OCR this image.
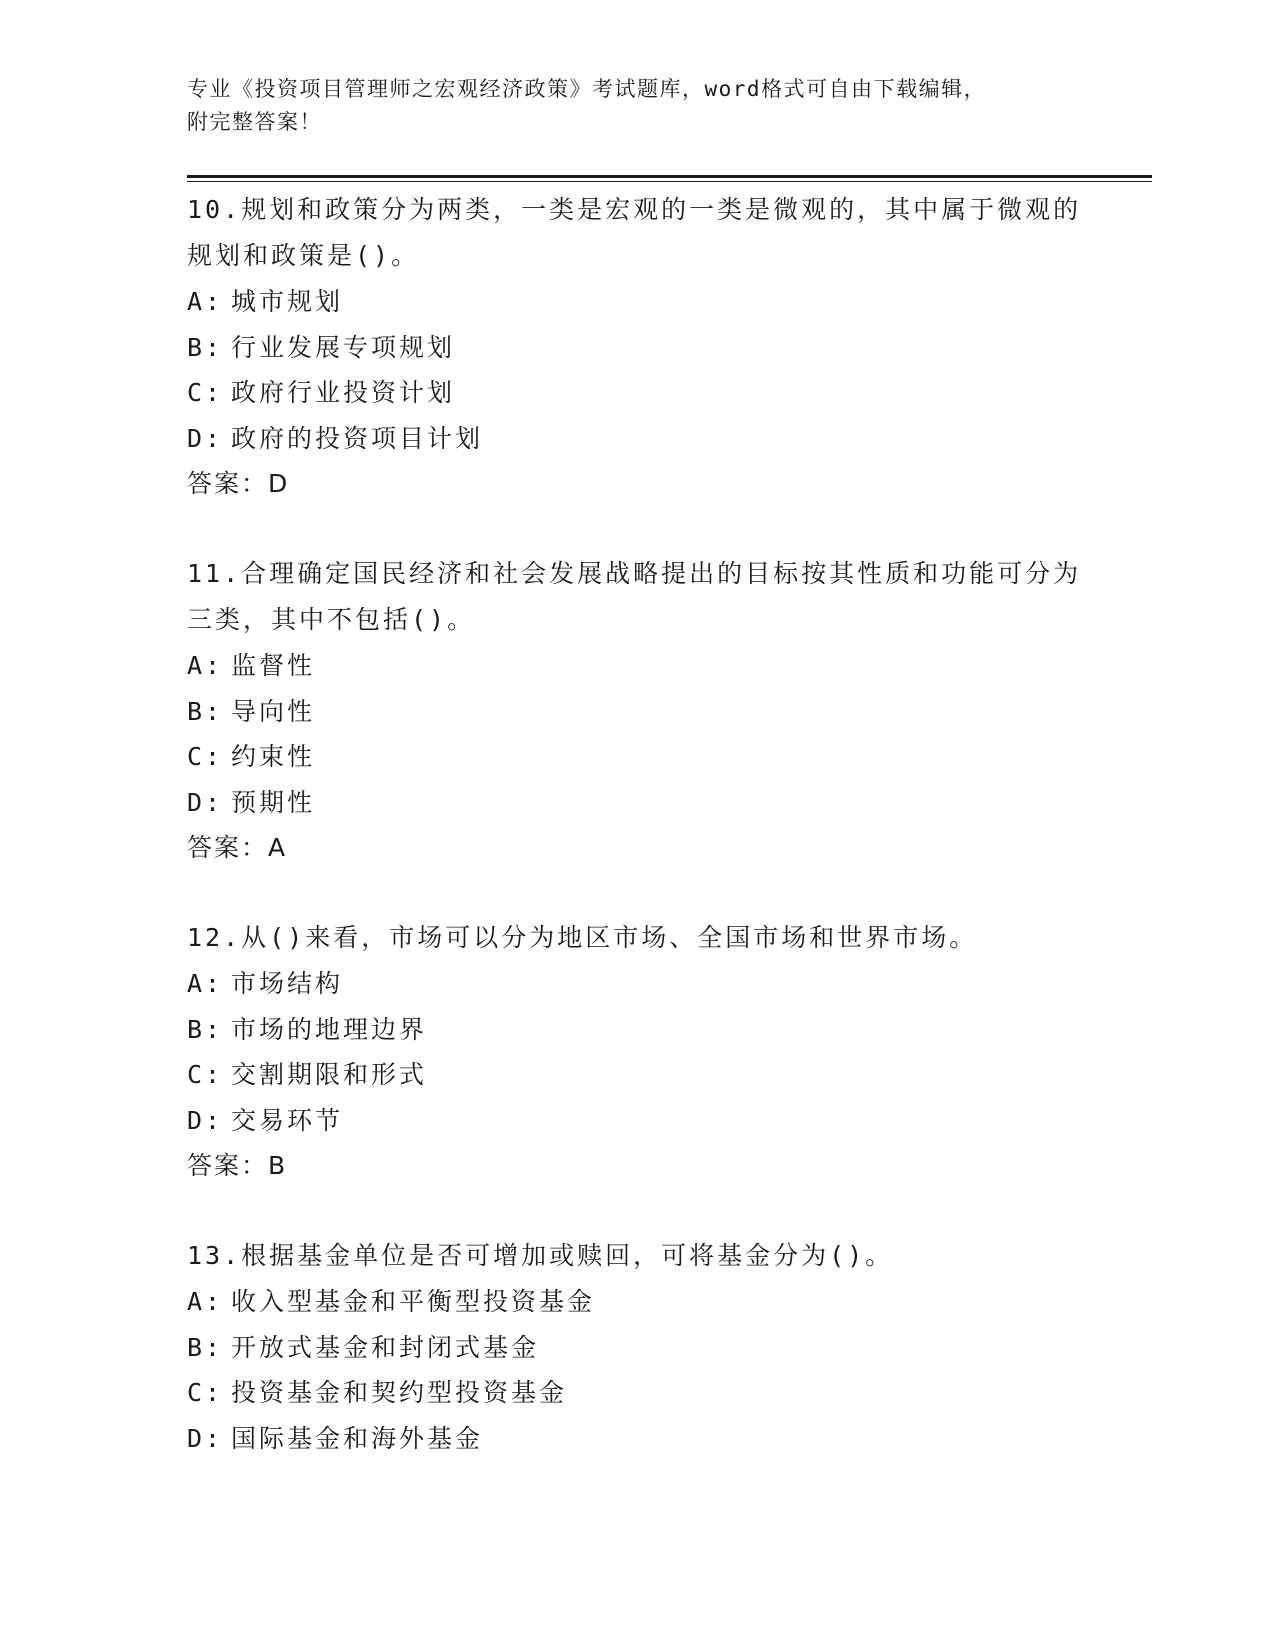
专业《投资项目管理师之宏观经济政策》考试题库，word格式可自由下载编辑，
附完整答案！
10.规划和政策分为两类，一类是宏观的一类是微观的，其中属于微观的规划和政策是()。
A: 城市规划
B: 行业发展专项规划
C: 政府行业投资计划
D: 政府的投资项目计划
答案：D
11.合理确定国民经济和社会发展战略提出的目标按其性质和功能可分为三类，其中不包括()。
A: 监督性
B: 导向性
C: 约束性
D: 预期性
答案：A
12.从()来看，市场可以分为地区市场、全国市场和世界市场。
A: 市场结构
B: 市场的地理边界
C: 交割期限和形式
D: 交易环节
答案：B
13.根据基金单位是否可增加或赎回，可将基金分为()。
A: 收入型基金和平衡型投资基金
B: 开放式基金和封闭式基金
C: 投资基金和契约型投资基金
D: 国际基金和海外基金
